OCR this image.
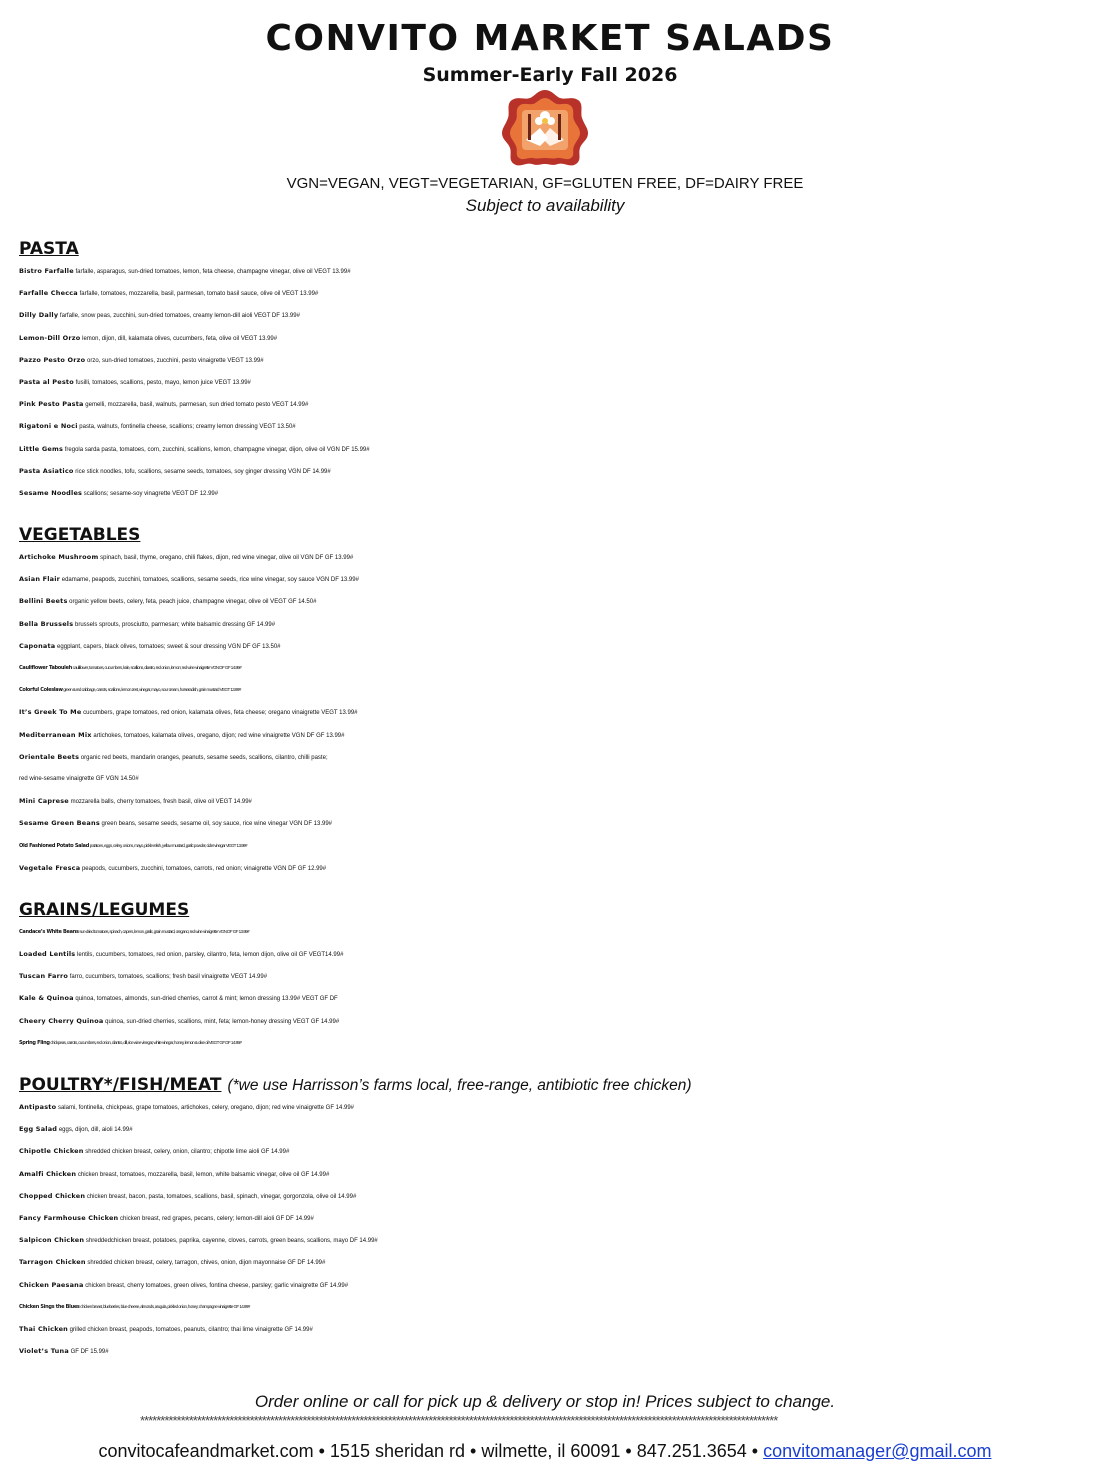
CONVITO MARKET SALADS
Summer-Early Fall 2026
VGN=VEGAN, VEGT=VEGETARIAN, GF=GLUTEN FREE, DF=DAIRY FREE
Subject to availability
PASTA
Bistro Farfalle farfalle, asparagus, sun-dried tomatoes, lemon, feta cheese, champagne vinegar, olive oil VEGT 13.99#
Farfalle Checca farfalle, tomatoes, mozzarella, basil, parmesan, tomato basil sauce, olive oil VEGT 13.99#
Dilly Dally farfalle, snow peas, zucchini, sun-dried tomatoes, creamy lemon-dill aioli VEGT DF 13.99#
Lemon-Dill Orzo lemon, dijon, dill, kalamata olives, cucumbers, feta, olive oil VEGT 13.99#
Pazzo Pesto Orzo orzo, sun-dried tomatoes, zucchini, pesto vinaigrette VEGT 13.99#
Pasta al Pesto fusilli, tomatoes, scallions, pesto, mayo, lemon juice VEGT 13.99#
Pink Pesto Pasta gemelli, mozzarella, basil, walnuts, parmesan, sun dried tomato pesto VEGT 14.99#
Rigatoni e Noci pasta, walnuts, fontinella cheese, scallions; creamy lemon dressing VEGT 13.50#
Little Gems fregola sarda pasta, tomatoes, corn, zucchini, scallions, lemon, champagne vinegar, dijon, olive oil VGN DF 15.99#
Pasta Asiatico rice stick noodles, tofu, scallions, sesame seeds, tomatoes, soy ginger dressing VGN DF 14.99#
Sesame Noodles scallions; sesame-soy vinagrette VEGT DF 12.99#
VEGETABLES
Artichoke Mushroom spinach, basil, thyme, oregano, chili flakes, dijon, red wine vinegar, olive oil VGN DF GF 13.99#
Asian Flair edamame, peapods, zucchini, tomatoes, scallions, sesame seeds, rice wine vinegar, soy sauce VGN DF 13.99#
Bellini Beets organic yellow beets, celery, feta, peach juice, champagne vinegar, olive oil VEGT GF 14.50#
Bella Brussels brussels sprouts, prosciutto, parmesan; white balsamic dressing GF 14.99#
Caponata eggplant, capers, black olives, tomatoes; sweet & sour dressing VGN DF GF 13.50#
Cauliflower Tabouleh cauliflower, tomatoes, cucumbers, kale, scallions, cilantro, red onion, lemon; red wine vinaigrette VGN DF GF 14.99#
Colorful Coleslaw green & red cabbage, carrots, scallions, lemon zest, vinegar, mayo, sour cream, horseradish, grain mustard VEGT 13.99#
It’s Greek To Me cucumbers, grape tomatoes, red onion, kalamata olives, feta cheese; oregano vinaigrette VEGT 13.99#
Mediterranean Mix artichokes, tomatoes, kalamata olives, oregano, dijon; red wine vinaigrette VGN DF GF 13.99#
Orientale Beets organic red beets, mandarin oranges, peanuts, sesame seeds, scallions, cilantro, chilli paste;
red wine-sesame vinaigrette GF VGN 14.50#
Mini Caprese mozzarella balls, cherry tomatoes, fresh basil, olive oil VEGT 14.99#
Sesame Green Beans green beans, sesame seeds, sesame oil, soy sauce, rice wine vinegar VGN DF 13.99#
Old Fashioned Potato Salad potatoes, eggs, celery, onions, mayo, pickle relish, yellow mustard, garlic powder, cider vinegar VEGT 13.99#
Vegetale Fresca peapods, cucumbers, zucchini, tomatoes, carrots, red onion; vinaigrette VGN DF GF 12.99#
GRAINS/LEGUMES
Candace’s White Beans sun-dried tomatoes, spinach, capers, lemon, garlic, grain mustard, oregano; red wine vinaigrette VGN DF GF 13.99#
Loaded Lentils lentils, cucumbers, tomatoes, red onion, parsley, cilantro, feta, lemon dijon, olive oil GF VEGT14.99#
Tuscan Farro farro, cucumbers, tomatoes, scallions; fresh basil vinaigrette VEGT 14.99#
Kale & Quinoa quinoa, tomatoes, almonds, sun-dried cherries, carrot & mint; lemon dressing 13.99# VEGT GF DF
Cheery Cherry Quinoa quinoa, sun-dried cherries, scallions, mint, feta; lemon-honey dressing VEGT GF 14.99#
Spring Fling chickpeas, carrots, cucumbers, red onion, cilantro, dill, rice wine vinegar, white vinegar, honey, lemon & olive oil VEGT GF DF 14.99#
POULTRY*/FISH/MEAT (*we use Harrisson’s farms local, free-range, antibiotic free chicken)
Antipasto salami, fontinella, chickpeas, grape tomatoes, artichokes, celery, oregano, dijon; red wine vinaigrette GF 14.99#
Egg Salad eggs, dijon, dill, aioli 14.99#
Chipotle Chicken shredded chicken breast, celery, onion, cilantro; chipotle lime aioli GF 14.99#
Amalfi Chicken chicken breast, tomatoes, mozzarella, basil, lemon, white balsamic vinegar, olive oil GF 14.99#
Chopped Chicken chicken breast, bacon, pasta, tomatoes, scallions, basil, spinach, vinegar, gorgonzola, olive oil 14.99#
Fancy Farmhouse Chicken chicken breast, red grapes, pecans, celery; lemon-dill aioli GF DF 14.99#
Salpicon Chicken shreddedchicken breast, potatoes, paprika, cayenne, cloves, carrots, green beans, scallions, mayo DF 14.99#
Tarragon Chicken shredded chicken breast, celery, tarragon, chives, onion, dijon mayonnaise GF DF 14.99#
Chicken Paesana chicken breast, cherry tomatoes, green olives, fontina cheese, parsley; garlic vinaigrette GF 14.99#
Chicken Sings the Blues chicken breast, blueberries, blue cheese, almonds, arugula, pickled onion, honey; champagne vinaigrette GF 14.99#
Thai Chicken grilled chicken breast, peapods, tomatoes, peanuts, cilantro; thai lime vinaigrette GF 14.99#
Violet’s Tuna GF DF 15.99#
Order online or call for pick up & delivery or stop in! Prices subject to change.
*************************************************************************************************************************************************************
convitocafeandmarket.com • 1515 sheridan rd • wilmette, il 60091 • 847.251.3654 • convitomanager@gmail.com
